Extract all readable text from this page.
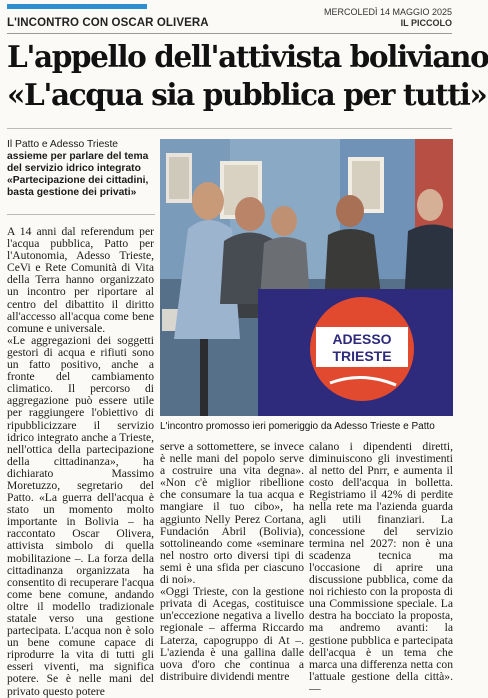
L'INCONTRO CON OSCAR OLIVERA
MERCOLEDÌ 14 MAGGIO 2025
IL PICCOLO
L'appello dell'attivista boliviano
«L'acqua sia pubblica per tutti»
Il Patto e Adesso Trieste
assieme per parlare del tema del servizio idrico integrato «Partecipazione dei cittadini, basta gestione dei privati»
ADESSO
TRIESTE
L'incontro promosso ieri pomeriggio da Adesso Trieste e Patto

A 14 anni dal referendum per l'acqua pubblica, Patto per l'Autonomia, Adesso Trieste, CeVi e Rete Comunità di Vita della Terra hanno organizzato un incontro per riportare al centro del dibattito il diritto all'accesso all'acqua come bene comune e universale.

«Le aggregazioni dei soggetti gestori di acqua e rifiuti sono un fatto positivo, anche a fronte del cambiamento climatico. Il percorso di aggregazione può essere utile per raggiungere l'obiettivo di ripubblicizzare il servizio idrico integrato anche a Trieste, nell'ottica della partecipazione della cittadinanza», ha dichiarato Massimo Moretuzzo, segretario del Patto. «La guerra dell'acqua è stato un momento molto importante in Bolivia – ha raccontato Oscar Olivera, attivista simbolo di quella mobilitazione –. La forza della cittadinanza organizzata ha consentito di recuperare l'acqua come bene comune, andando oltre il modello tradizionale statale verso una gestione partecipata. L'acqua non è solo un bene comune capace di riprodurre la vita di tutti gli esseri viventi, ma significa potere. Se è nelle mani del privato questo potere

serve a sottomettere, se invece è nelle mani del popolo serve a costruire una vita degna». «Non c'è miglior ribellione che consumare la tua acqua e mangiare il tuo cibo», ha aggiunto Nelly Perez Cortana, Fundación Abril (Bolivia), sottolineando come «seminare nel nostro orto diversi tipi di semi è una sfida per ciascuno di noi».

«Oggi Trieste, con la gestione privata di Acegas, costituisce un'eccezione negativa a livello regionale – afferma Riccardo Laterza, capogruppo di At –. L'azienda è una gallina dalle uova d'oro che continua a distribuire dividendi mentre

calano i dipendenti diretti, diminuiscono gli investimenti al netto del Pnrr, e aumenta il costo dell'acqua in bolletta. Registriamo il 42% di perdite nella rete ma l'azienda guarda agli utili finanziari. La concessione del servizio termina nel 2027: non è una scadenza tecnica ma l'occasione di aprire una discussione pubblica, come da noi richiesto con la proposta di una Commissione speciale. La destra ha bocciato la proposta, ma andremo avanti: la gestione pubblica e partecipata dell'acqua è un tema che marca una differenza netta con l'attuale gestione della città». —
